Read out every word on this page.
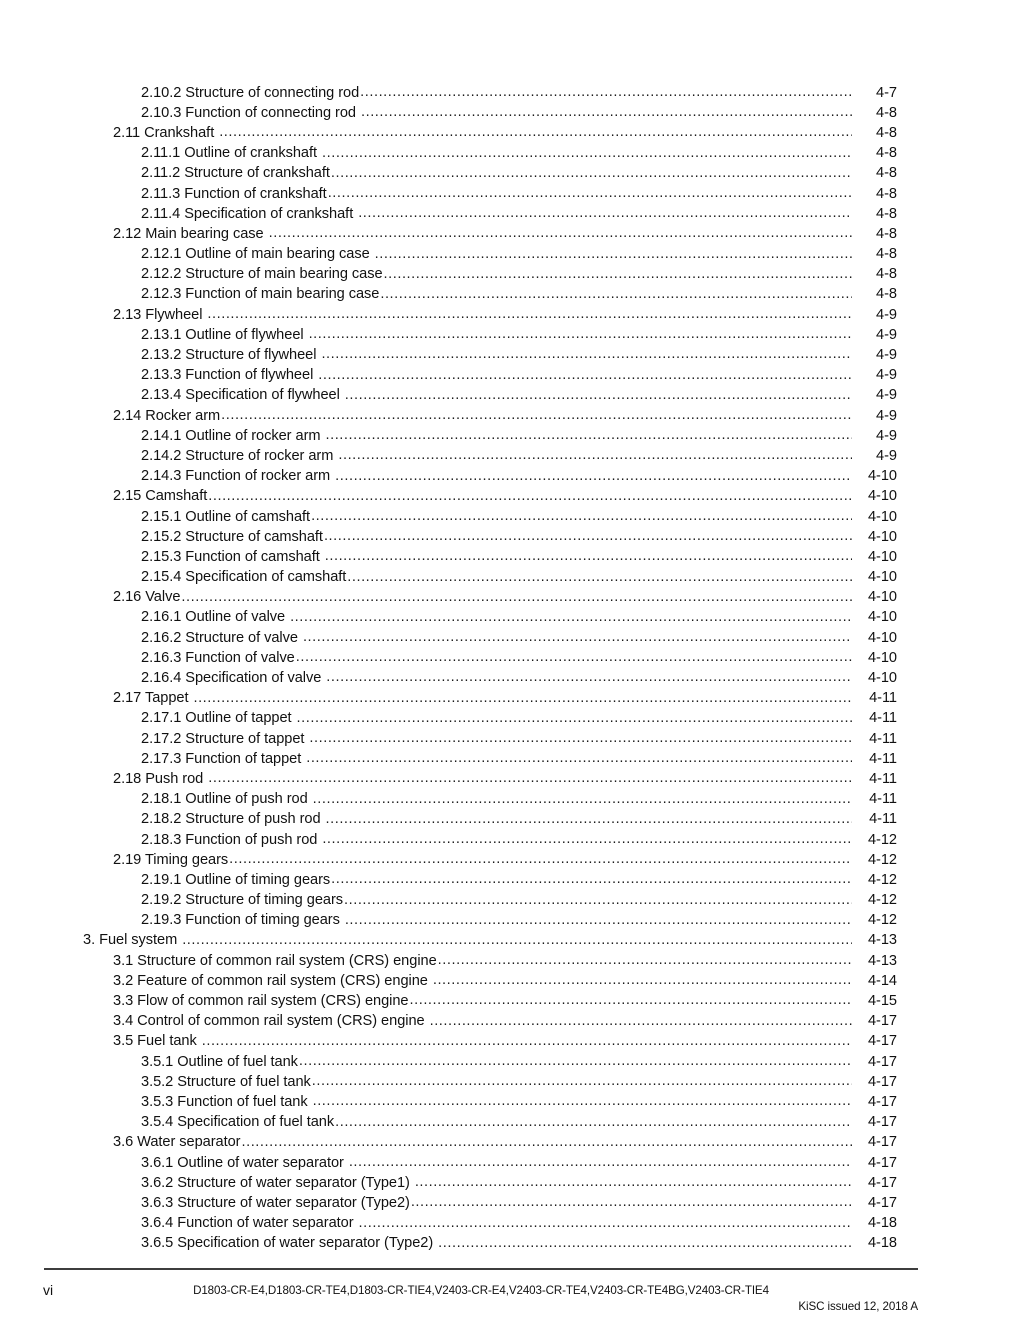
2.10.2 Structure of connecting rod .....	4-7
2.10.3 Function of connecting rod .....	4-8
2.11 Crankshaft .....	4-8
2.11.1 Outline of crankshaft .....	4-8
2.11.2 Structure of crankshaft .....	4-8
2.11.3 Function of crankshaft .....	4-8
2.11.4 Specification of crankshaft .....	4-8
2.12 Main bearing case .....	4-8
2.12.1 Outline of main bearing case .....	4-8
2.12.2 Structure of main bearing case .....	4-8
2.12.3 Function of main bearing case .....	4-8
2.13 Flywheel .....	4-9
2.13.1 Outline of flywheel .....	4-9
2.13.2 Structure of flywheel .....	4-9
2.13.3 Function of flywheel .....	4-9
2.13.4 Specification of flywheel .....	4-9
2.14 Rocker arm .....	4-9
2.14.1 Outline of rocker arm .....	4-9
2.14.2 Structure of rocker arm .....	4-9
2.14.3 Function of rocker arm .....	4-10
2.15 Camshaft .....	4-10
2.15.1 Outline of camshaft .....	4-10
2.15.2 Structure of camshaft .....	4-10
2.15.3 Function of camshaft .....	4-10
2.15.4 Specification of camshaft .....	4-10
2.16 Valve .....	4-10
2.16.1 Outline of valve .....	4-10
2.16.2 Structure of valve .....	4-10
2.16.3 Function of valve .....	4-10
2.16.4 Specification of valve .....	4-10
2.17 Tappet .....	4-11
2.17.1 Outline of tappet .....	4-11
2.17.2 Structure of tappet .....	4-11
2.17.3 Function of tappet .....	4-11
2.18 Push rod .....	4-11
2.18.1 Outline of push rod .....	4-11
2.18.2 Structure of push rod .....	4-11
2.18.3 Function of push rod .....	4-12
2.19 Timing gears .....	4-12
2.19.1 Outline of timing gears .....	4-12
2.19.2 Structure of timing gears .....	4-12
2.19.3 Function of timing gears .....	4-12
3. Fuel system .....	4-13
3.1 Structure of common rail system (CRS) engine .....	4-13
3.2 Feature of common rail system (CRS) engine .....	4-14
3.3 Flow of common rail system (CRS) engine .....	4-15
3.4 Control of common rail system (CRS) engine .....	4-17
3.5 Fuel tank .....	4-17
3.5.1 Outline of fuel tank .....	4-17
3.5.2 Structure of fuel tank .....	4-17
3.5.3 Function of fuel tank .....	4-17
3.5.4 Specification of fuel tank .....	4-17
3.6 Water separator .....	4-17
3.6.1 Outline of water separator .....	4-17
3.6.2 Structure of water separator (Type1) .....	4-17
3.6.3 Structure of water separator (Type2) .....	4-17
3.6.4 Function of water separator .....	4-18
3.6.5 Specification of water separator (Type2) .....	4-18
vi	D1803-CR-E4,D1803-CR-TE4,D1803-CR-TIE4,V2403-CR-E4,V2403-CR-TE4,V2403-CR-TE4BG,V2403-CR-TIE4
KiSC issued 12, 2018 A
